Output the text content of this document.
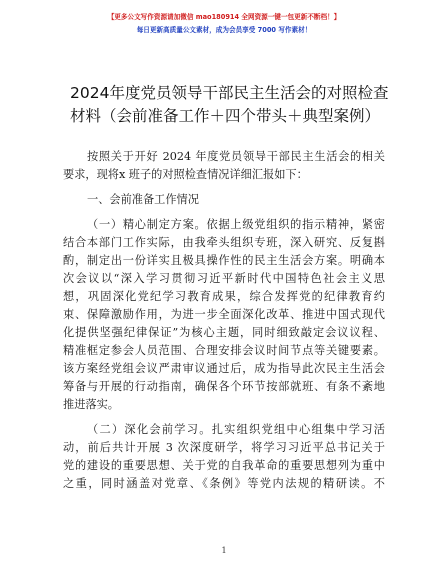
【更多公文写作资源请加微信 mao180914 全网资源一键一包更新不断档！】
每日更新高质量公文素材，成为会员享受 7000 写作素材！
2024年度党员领导干部民主生活会的对照检查
材料（会前准备工作＋四个带头＋典型案例）
按照关于开好 2024 年度党员领导干部民主生活会的相关
要求，现将x 班子的对照检查情况详细汇报如下：
一、会前准备工作情况
（一）精心制定方案。依据上级党组织的指示精神，紧密
结合本部门工作实际，由我牵头组织专班，深入研究、反复斟
酌，制定出一份详实且极具操作性的民主生活会方案。明确本
次会议以“深入学习贯彻习近平新时代中国特色社会主义思
想，巩固深化党纪学习教育成果，综合发挥党的纪律教育约
束、保障激励作用，为进一步全面深化改革、推进中国式现代
化提供坚强纪律保证”为核心主题，同时细致敲定会议议程、
精准框定参会人员范围、合理安排会议时间节点等关键要素。
该方案经党组会议严肃审议通过后，成为指导此次民主生活会
筹备与开展的行动指南，确保各个环节按部就班、有条不紊地
推进落实。
（二）深化会前学习。扎实组织党组中心组集中学习活
动，前后共计开展 3 次深度研学，将学习习近平总书记关于
党的建设的重要思想、关于党的自我革命的重要思想列为重中
之重，同时涵盖对党章、《条例》等党内法规的精研读。不
1
